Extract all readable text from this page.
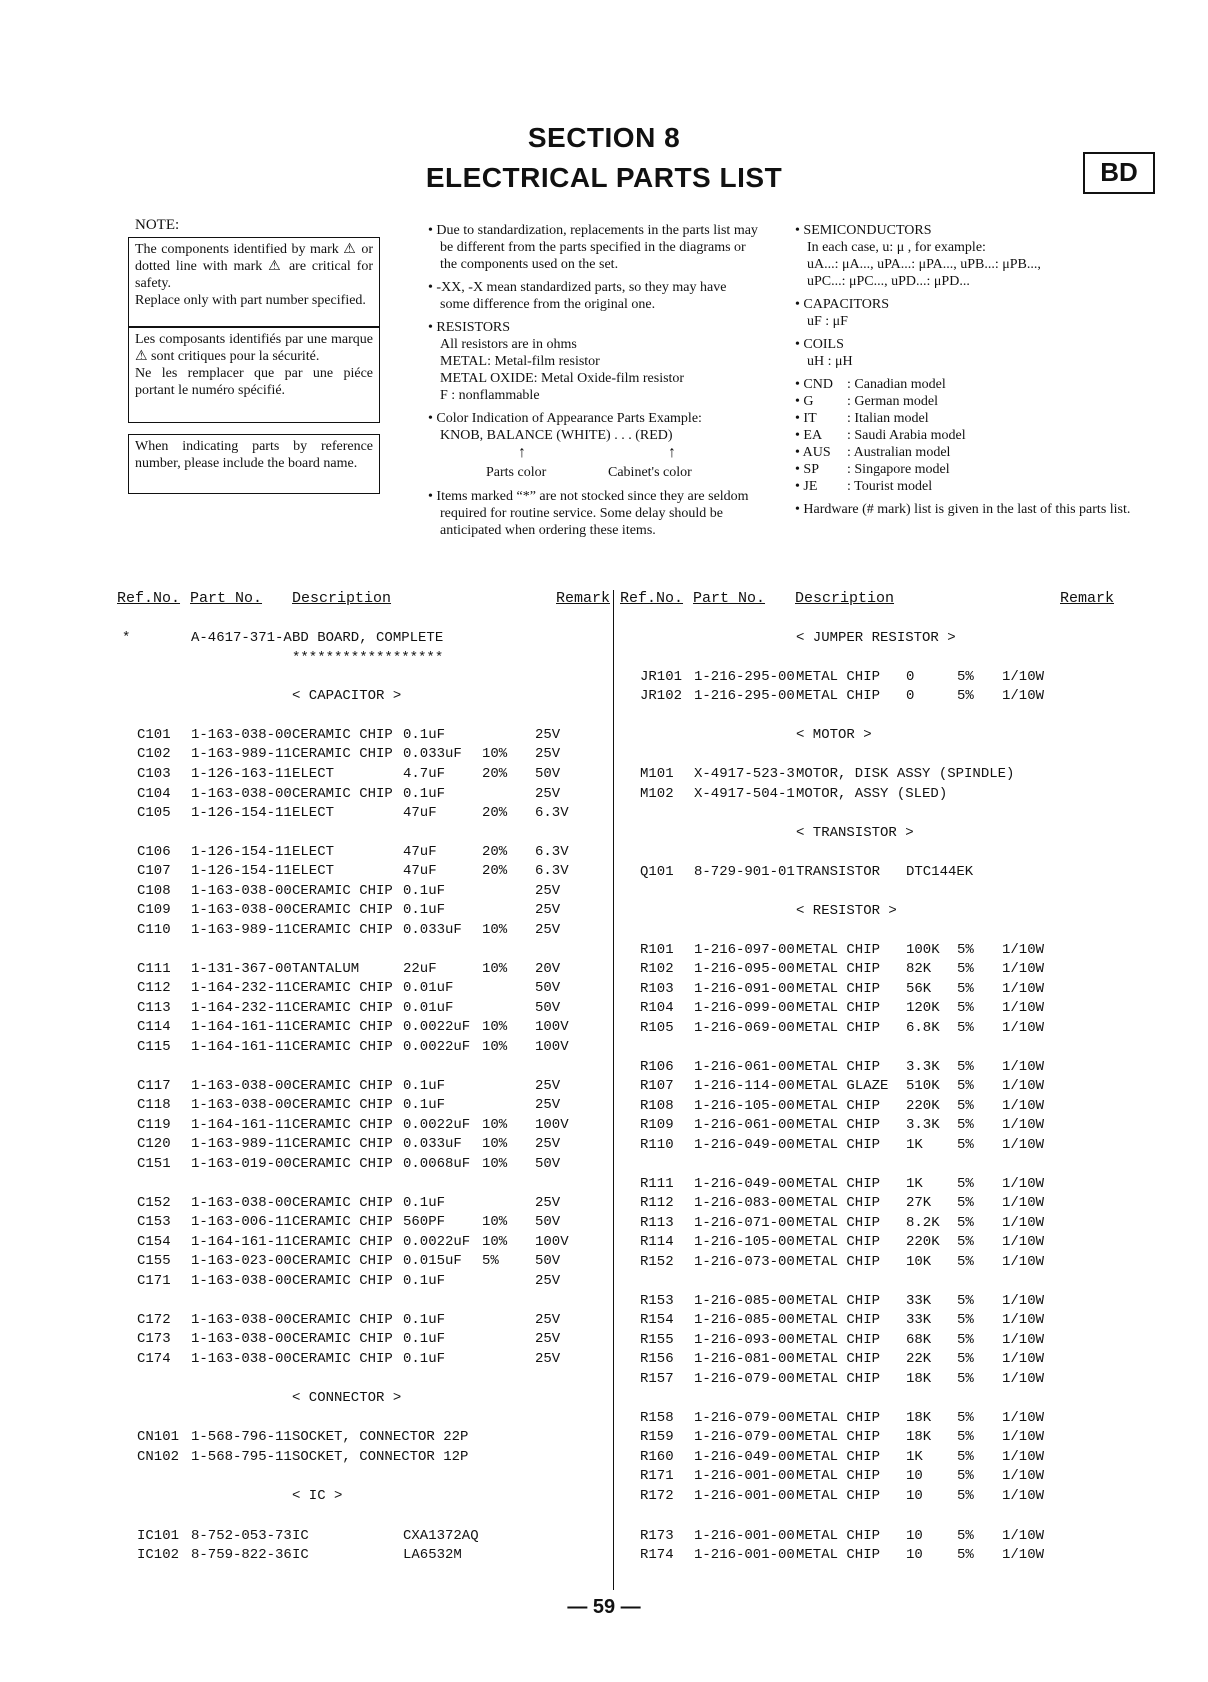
SECTION 8
ELECTRICAL PARTS LIST	BD
NOTE:

The components identified by mark ⚠ or dotted line with mark ⚠ are critical for safety.

Replace only with part number specified.

Les composants identifiés par une marque ⚠ sont critiques pour la sécurité.

Ne les remplacer que par une piéce portant le numéro spécifié.

When indicating parts by reference number, please include the board name.

• Due to standardization, replacements in the parts list may be different from the parts specified in the diagrams or the components used on the set.

• -XX, -X mean standardized parts, so they may have some difference from the original one.

• RESISTORS

All resistors are in ohms

METAL: Metal-film resistor

METAL OXIDE: Metal Oxide-film resistor

F : nonflammable

• Color Indication of Appearance Parts Example:

KNOB, BALANCE (WHITE) . . . (RED)

↑	↑
Parts color	Cabinet's color

• Items marked “*” are not stocked since they are seldom required for routine service. Some delay should be anticipated when ordering these items.

• SEMICONDUCTORS

In each case, u: μ , for example:

uA...: μA..., uPA...: μPA..., uPB...: μPB...,

uPC...: μPC..., uPD...: μPD...

• CAPACITORS

uF : μF

• COILS

uH : μH

• CND	: Canadian model
• G	: German model
• IT	: Italian model
• EA	: Saudi Arabia model
• AUS	: Australian model
• SP	: Singapore model
• JE	: Tourist model

• Hardware (# mark) list is given in the last of this parts list.

Ref.No. Part No. Description	Remark Ref.No. Part No. Description	Remark
*	A-4617-371-A BD BOARD, COMPLETE
******************
< CAPACITOR >
C101 1-163-038-00 CERAMIC CHIP 0.1uF	25V
C102 1-163-989-11 CERAMIC CHIP 0.033uF 10% 25V
C103 1-126-163-11 ELECT	4.7uF	20% 50V
C104 1-163-038-00 CERAMIC CHIP 0.1uF	25V
C105 1-126-154-11 ELECT	47uF	20% 6.3V
C106 1-126-154-11 ELECT	47uF	20% 6.3V
C107 1-126-154-11 ELECT	47uF	20% 6.3V
C108 1-163-038-00 CERAMIC CHIP 0.1uF	25V
C109 1-163-038-00 CERAMIC CHIP 0.1uF	25V
C110 1-163-989-11 CERAMIC CHIP 0.033uF 10% 25V
C111 1-131-367-00 TANTALUM	22uF	10% 20V
C112 1-164-232-11 CERAMIC CHIP 0.01uF	50V
C113 1-164-232-11 CERAMIC CHIP 0.01uF	50V
C114 1-164-161-11 CERAMIC CHIP 0.0022uF 10% 100V
C115 1-164-161-11 CERAMIC CHIP 0.0022uF 10% 100V
C117 1-163-038-00 CERAMIC CHIP 0.1uF	25V
C118 1-163-038-00 CERAMIC CHIP 0.1uF	25V
C119 1-164-161-11 CERAMIC CHIP 0.0022uF 10% 100V
C120 1-163-989-11 CERAMIC CHIP 0.033uF 10% 25V
C151 1-163-019-00 CERAMIC CHIP 0.0068uF 10% 50V
C152 1-163-038-00 CERAMIC CHIP 0.1uF	25V
C153 1-163-006-11 CERAMIC CHIP 560PF	10% 50V
C154 1-164-161-11 CERAMIC CHIP 0.0022uF 10% 100V
C155 1-163-023-00 CERAMIC CHIP 0.015uF 5%	50V
C171 1-163-038-00 CERAMIC CHIP 0.1uF	25V
C172 1-163-038-00 CERAMIC CHIP 0.1uF	25V
C173 1-163-038-00 CERAMIC CHIP 0.1uF	25V
C174 1-163-038-00 CERAMIC CHIP 0.1uF	25V
< CONNECTOR >
CN101 1-568-796-11 SOCKET, CONNECTOR 22P
CN102 1-568-795-11 SOCKET, CONNECTOR 12P
< IC >
IC101 8-752-053-73 IC	CXA1372AQ
IC102 8-759-822-36 IC	LA6532M
< JUMPER RESISTOR >
JR101 1-216-295-00 METAL CHIP 0	5% 1/10W
JR102 1-216-295-00 METAL CHIP 0	5% 1/10W
< MOTOR >
M101 X-4917-523-3 MOTOR, DISK ASSY (SPINDLE)
M102 X-4917-504-1 MOTOR, ASSY (SLED)
< TRANSISTOR >
Q101 8-729-901-01 TRANSISTOR DTC144EK
< RESISTOR >
R101 1-216-097-00 METAL CHIP 100K 5% 1/10W
R102 1-216-095-00 METAL CHIP 82K 5% 1/10W
R103 1-216-091-00 METAL CHIP 56K 5% 1/10W
R104 1-216-099-00 METAL CHIP 120K 5% 1/10W
R105 1-216-069-00 METAL CHIP 6.8K 5% 1/10W
R106 1-216-061-00 METAL CHIP 3.3K 5% 1/10W
R107 1-216-114-00 METAL GLAZE 510K 5% 1/10W
R108 1-216-105-00 METAL CHIP 220K 5% 1/10W
R109 1-216-061-00 METAL CHIP 3.3K 5% 1/10W
R110 1-216-049-00 METAL CHIP 1K 5% 1/10W
R111 1-216-049-00 METAL CHIP 1K 5% 1/10W
R112 1-216-083-00 METAL CHIP 27K 5% 1/10W
R113 1-216-071-00 METAL CHIP 8.2K 5% 1/10W
R114 1-216-105-00 METAL CHIP 220K 5% 1/10W
R152 1-216-073-00 METAL CHIP 10K 5% 1/10W
R153 1-216-085-00 METAL CHIP 33K 5% 1/10W
R154 1-216-085-00 METAL CHIP 33K 5% 1/10W
R155 1-216-093-00 METAL CHIP 68K 5% 1/10W
R156 1-216-081-00 METAL CHIP 22K 5% 1/10W
R157 1-216-079-00 METAL CHIP 18K 5% 1/10W
R158 1-216-079-00 METAL CHIP 18K 5% 1/10W
R159 1-216-079-00 METAL CHIP 18K 5% 1/10W
R160 1-216-049-00 METAL CHIP 1K 5% 1/10W
R171 1-216-001-00 METAL CHIP 10 5% 1/10W
R172 1-216-001-00 METAL CHIP 10 5% 1/10W
R173 1-216-001-00 METAL CHIP 10 5% 1/10W
R174 1-216-001-00 METAL CHIP 10 5% 1/10W
— 59 —
